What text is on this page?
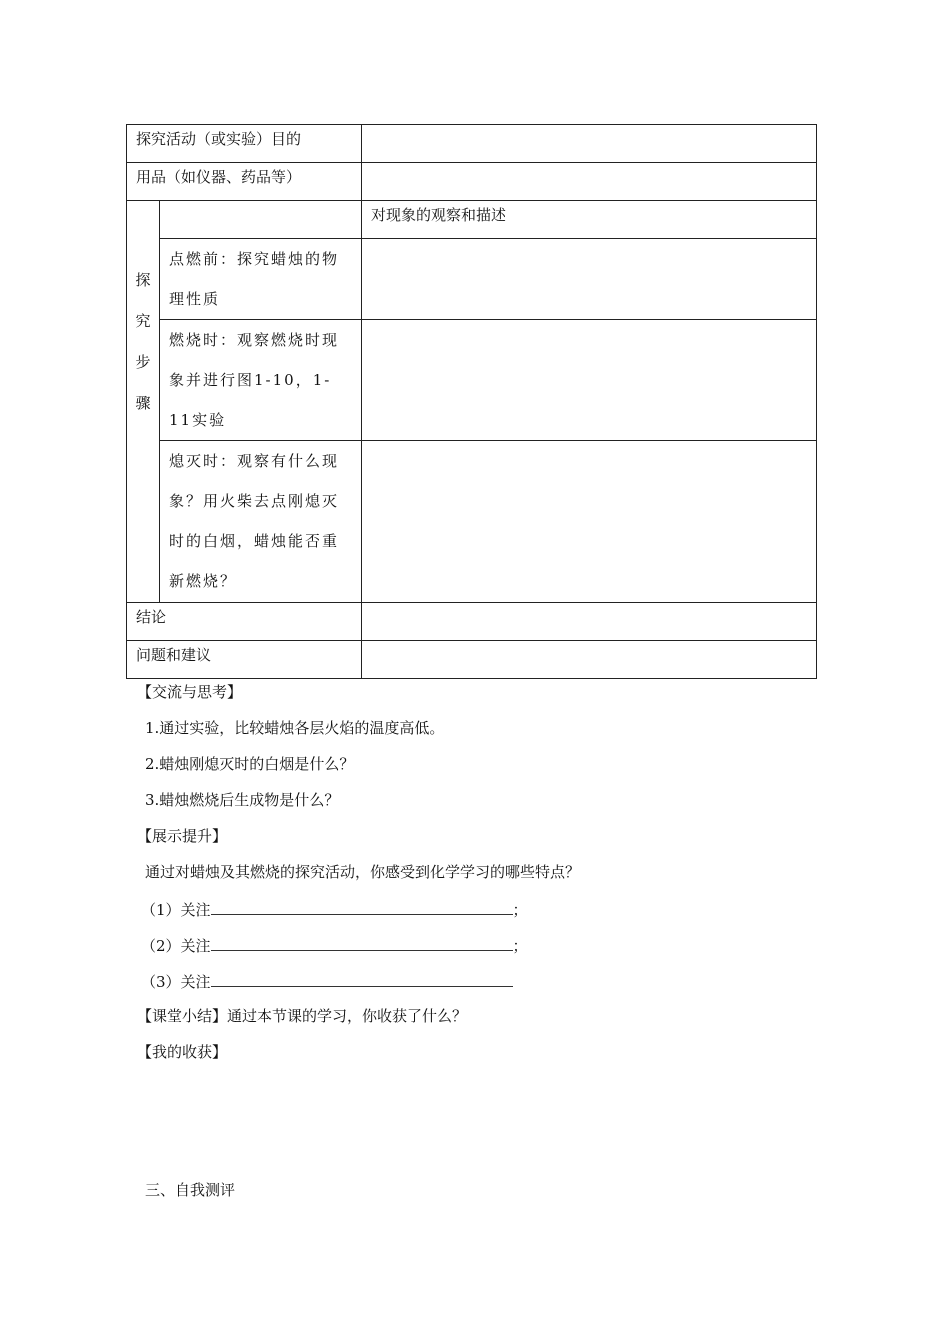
探究活动（或实验）目的		

用品（如仪器、药品等）		

探
究
步
骤		对现象的观察和描述

	点燃前：探究蜡烛的物理性质	

	燃烧时：观察燃烧时现象并进行图1-10，1-11实验	

	熄灭时：观察有什么现象？用火柴去点刚熄灭时的白烟，蜡烛能否重新燃烧？	

结论		

问题和建议		

【交流与思考】
1.通过实验，比较蜡烛各层火焰的温度高低。
2.蜡烛刚熄灭时的白烟是什么？
3.蜡烛燃烧后生成物是什么？
【展示提升】
通过对蜡烛及其燃烧的探究活动，你感受到化学学习的哪些特点？
（1）关注	；
（2）关注	；
（3）关注
【课堂小结】通过本节课的学习，你收获了什么？
【我的收获】
三、自我测评
